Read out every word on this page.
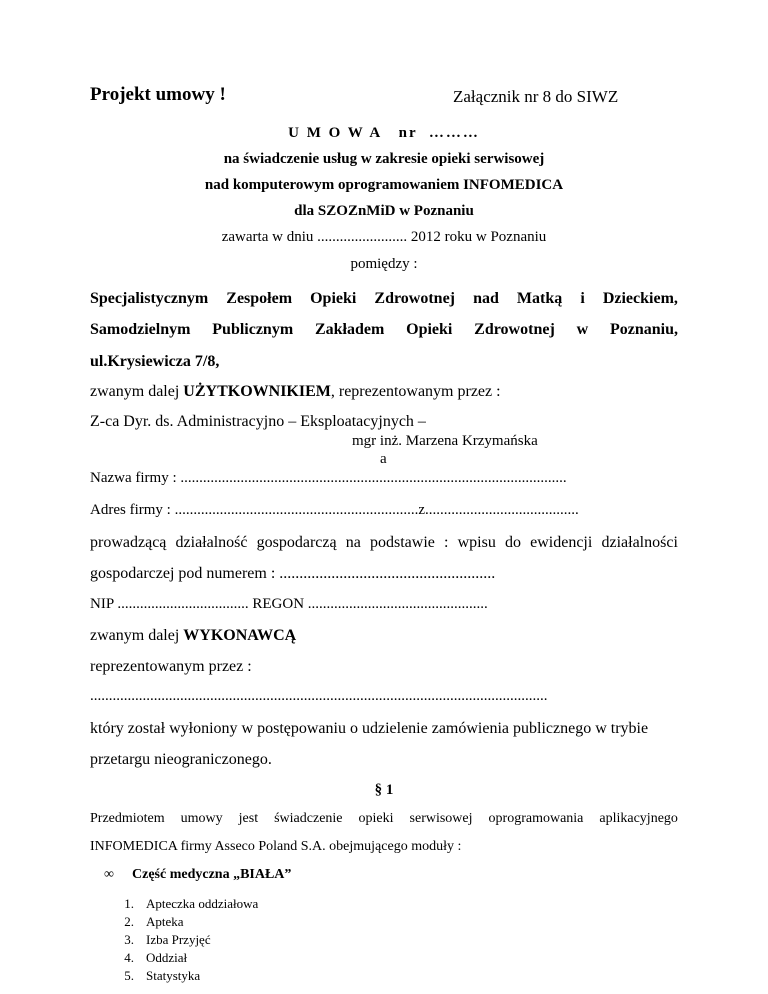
Projekt umowy !	Załącznik nr 8 do SIWZ
U M O W A   nr  ………
na świadczenie usług w zakresie opieki serwisowej
nad komputerowym oprogramowaniem INFOMEDICA
dla SZOZnMiD w Poznaniu
zawarta w dniu ........................ 2012 roku w Poznaniu
pomiędzy :
Specjalistycznym Zespołem Opieki Zdrowotnej nad Matką i Dzieckiem,
Samodzielnym Publicznym Zakładem Opieki Zdrowotnej w Poznaniu,
ul.Krysiewicza 7/8,
zwanym dalej UŻYTKOWNIKIEM, reprezentowanym przez :
Z-ca Dyr. ds. Administracyjno – Eksploatacyjnych –
mgr inż. Marzena Krzymańska
a
Nazwa firmy : .......................................................................................................
Adres firmy : .................................................................z.........................................
prowadzącą działalność gospodarczą na podstawie : wpisu do ewidencji działalności
gospodarczej pod numerem : ......................................................
NIP ................................... REGON ................................................
zwanym dalej WYKONAWCĄ
reprezentowanym przez :
..........................................................................................................................
który został wyłoniony w postępowaniu o udzielenie zamówienia publicznego w trybie
przetargu nieograniczonego.
§ 1
Przedmiotem umowy jest świadczenie opieki serwisowej oprogramowania aplikacyjnego
INFOMEDICA firmy Asseco Poland S.A. obejmującego moduły :
∞ Część medyczna „BIAŁA”
1. Apteczka oddziałowa
2. Apteka
3. Izba Przyjęć
4. Oddział
5. Statystyka
